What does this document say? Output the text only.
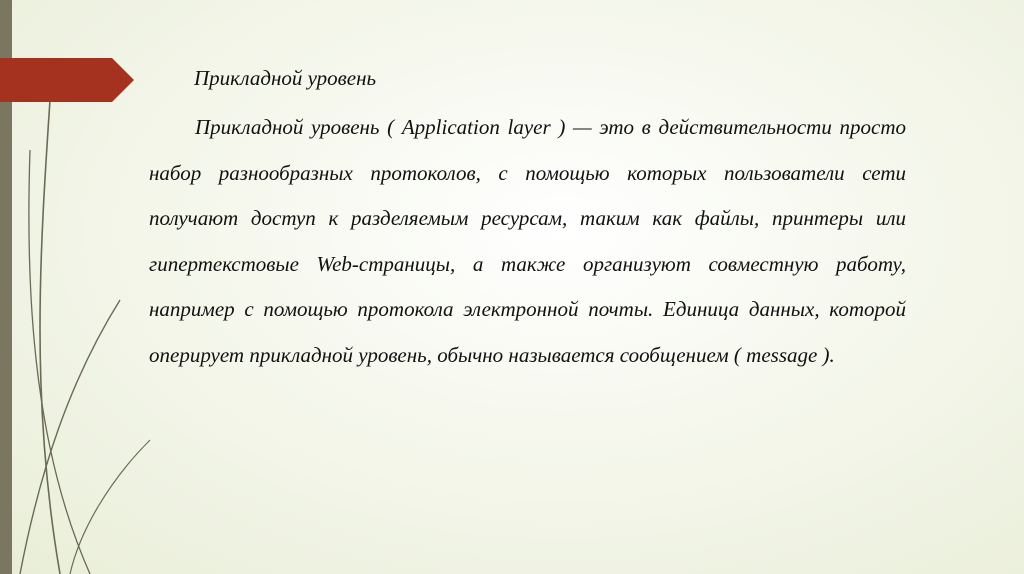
Прикладной уровень

Прикладной уровень ( Application layer ) — это в действительности просто набор разнообразных протоколов, с помощью которых пользователи сети получают доступ к разделяемым ресурсам, таким как файлы, принтеры или гипертекстовые Web-страницы, а также организуют совместную работу, например с помощью протокола электронной почты. Единица данных, которой оперирует прикладной уровень, обычно называется сообщением ( тessage ).
